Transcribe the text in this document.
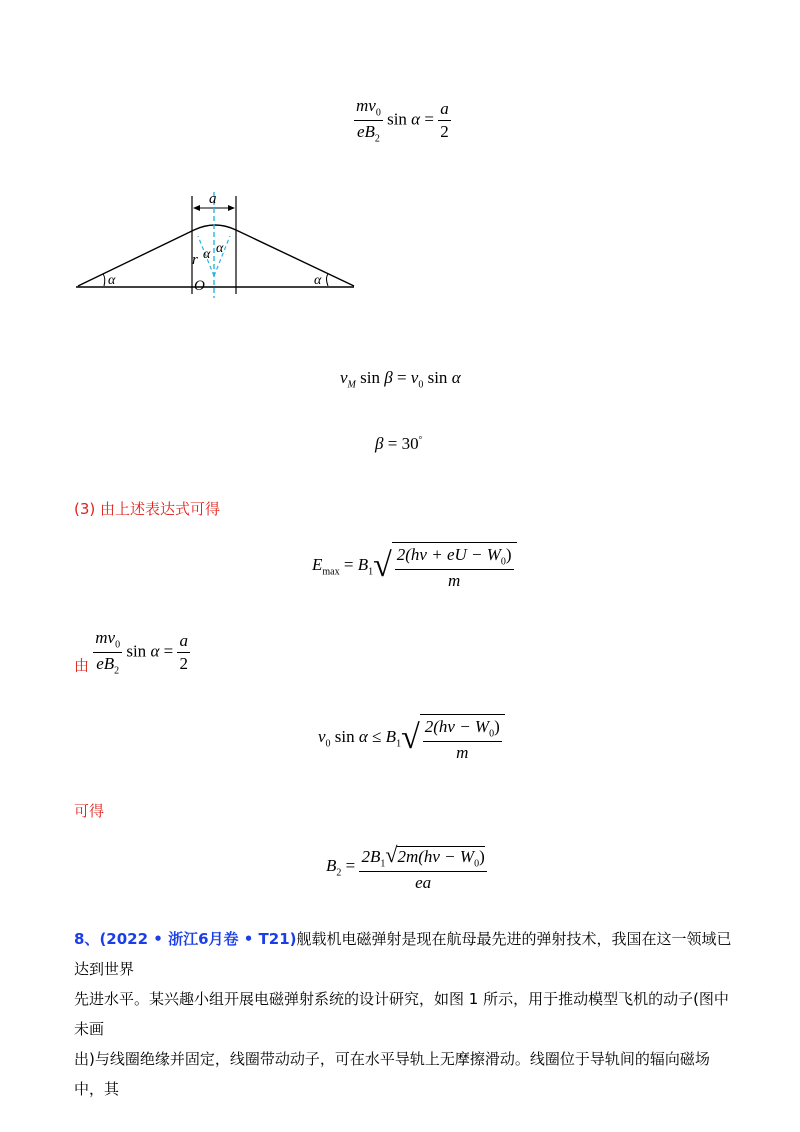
$\frac{mv_0}{eB_2}$ $\sin \alpha = \frac{a}{2}$
a
r
O
α	α
α α
$v_M$ $\sin \beta = v_0$ sin α
β = 30°
(3) 由上述表达式可得
$E_{max} = B_1√ \frac{2(h\nu + eU - W_0)}{m}$
由 $\frac{mv_0}{eB_2}$ $\sin \alpha = \frac{a}{2}$
$v_0$ $\sin \alpha \le B_1√ \frac{2(h\nu - W_0)}{m}$
可得
$B_2 = \frac{2B_1√2m(h\nu - W_0)}{ea}$
8、(2022 • 浙江6月卷 • T21)舰载机电磁弹射是现在航母最先进的弹射技术，我国在这一领域已达到世界
先进水平。某兴趣小组开展电磁弹射系统的设计研究，如图 1 所示，用于推动模型飞机的动子(图中未画
出)与线圈绝缘并固定，线圈带动动子，可在水平导轨上无摩擦滑动。线圈位于导轨间的辐向磁场中，其
